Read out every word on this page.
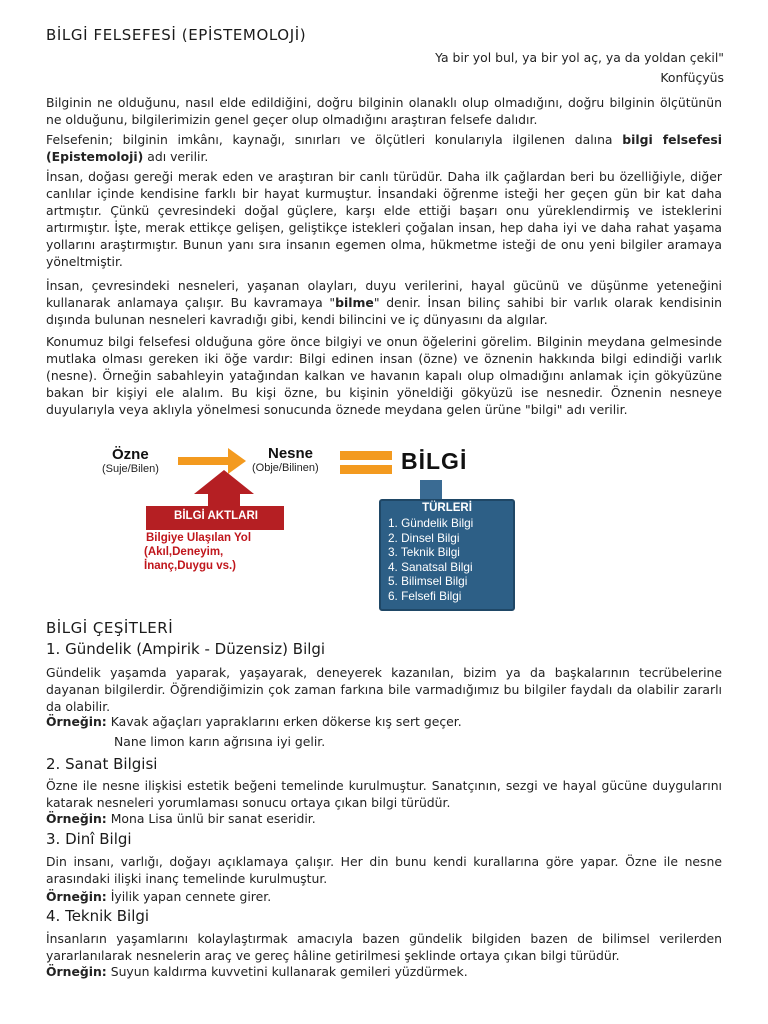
BİLGİ FELSEFESİ (EPİSTEMOLOJİ)
Ya bir yol bul, ya bir yol aç, ya da yoldan çekil"
Konfüçyüs
Bilginin ne olduğunu, nasıl elde edildiğini, doğru bilginin olanaklı olup olmadığını, doğru bilginin ölçütünün ne olduğunu, bilgilerimizin genel geçer olup olmadığını araştıran felsefe dalıdır.
Felsefenin; bilginin imkânı, kaynağı, sınırları ve ölçütleri konularıyla ilgilenen dalına bilgi felsefesi (Epistemoloji) adı verilir.
İnsan, doğası gereği merak eden ve araştıran bir canlı türüdür. Daha ilk çağlardan beri bu özelliğiyle, diğer canlılar içinde kendisine farklı bir hayat kurmuştur. İnsandaki öğrenme isteği her geçen gün bir kat daha artmıştır. Çünkü çevresindeki doğal güçlere, karşı elde ettiği başarı onu yüreklendirmiş ve isteklerini artırmıştır. İşte, merak ettikçe gelişen, geliştikçe istekleri çoğalan insan, hep daha iyi ve daha rahat yaşama yollarını araştırmıştır. Bunun yanı sıra insanın egemen olma, hükmetme isteği de onu yeni bilgiler aramaya yöneltmiştir.
İnsan, çevresindeki nesneleri, yaşanan olayları, duyu verilerini, hayal gücünü ve düşünme yeteneğini kullanarak anlamaya çalışır. Bu kavramaya "bilme" denir. İnsan bilinç sahibi bir varlık olarak kendisinin dışında bulunan nesneleri kavradığı gibi, kendi bilincini ve iç dünyasını da algılar.
Konumuz bilgi felsefesi olduğuna göre önce bilgiyi ve onun öğelerini görelim. Bilginin meydana gelmesinde mutlaka olması gereken iki öğe vardır: Bilgi edinen insan (özne) ve öznenin hakkında bilgi edindiği varlık (nesne). Örneğin sabahleyin yatağından kalkan ve havanın kapalı olup olmadığını anlamak için gökyüzüne bakan bir kişiyi ele alalım. Bu kişi özne, bu kişinin yöneldiği gökyüzü ise nesnedir. Öznenin nesneye duyularıyla veya aklıyla yönelmesi sonucunda öznede meydana gelen ürüne "bilgi" adı verilir.
Özne
(Suje/Bilen)
Nesne
(Obje/Bilinen)	BİLGİ
BİLGİ AKTLARI
Bilgiye Ulaşılan Yol
(Akıl,Deneyim,
İnanç,Duygu vs.)
TÜRLERİ
1. Gündelik Bilgi
2. Dinsel Bilgi
3. Teknik Bilgi
4. Sanatsal Bilgi
5. Bilimsel Bilgi
6. Felsefi Bilgi
BİLGİ ÇEŞİTLERİ
1. Gündelik (Ampirik - Düzensiz) Bilgi
Gündelik yaşamda yaparak, yaşayarak, deneyerek kazanılan, bizim ya da başkalarının tecrübelerine dayanan bilgilerdir. Öğrendiğimizin çok zaman farkına bile varmadığımız bu bilgiler faydalı da olabilir zararlı da olabilir.
Örneğin: Kavak ağaçları yapraklarını erken dökerse kış sert geçer.
Nane limon karın ağrısına iyi gelir.
2. Sanat Bilgisi
Özne ile nesne ilişkisi estetik beğeni temelinde kurulmuştur. Sanatçının, sezgi ve hayal gücüne duygularını katarak nesneleri yorumlaması sonucu ortaya çıkan bilgi türüdür.
Örneğin: Mona Lisa ünlü bir sanat eseridir.
3. Dinî Bilgi
Din insanı, varlığı, doğayı açıklamaya çalışır. Her din bunu kendi kurallarına göre yapar. Özne ile nesne arasındaki ilişki inanç temelinde kurulmuştur.
Örneğin: İyilik yapan cennete girer.
4. Teknik Bilgi
İnsanların yaşamlarını kolaylaştırmak amacıyla bazen gündelik bilgiden bazen de bilimsel verilerden yararlanılarak nesnelerin araç ve gereç hâline getirilmesi şeklinde ortaya çıkan bilgi türüdür.
Örneğin: Suyun kaldırma kuvvetini kullanarak gemileri yüzdürmek.
